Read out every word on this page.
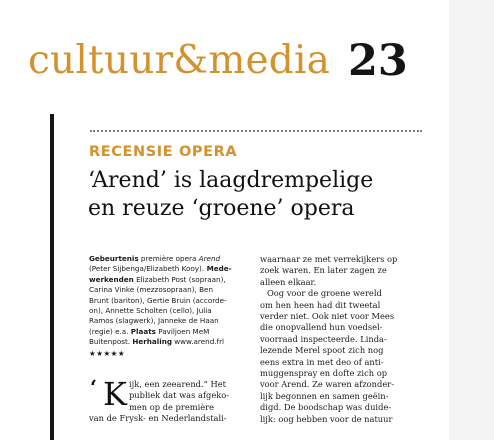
cultuur&media 23
RECENSIE OPERA
‘Arend’ is laagdrempelige
en reuze ‘groene’ opera
Gebeurtenis première opera Arend
(Peter Sijbenga/Elizabeth Kooy). Mede-
werkenden Elizabeth Post (sopraan),
Carina Vinke (mezzosopraan), Ben
Brunt (bariton), Gertie Bruin (accorde-
on), Annette Scholten (cello), Julia
Ramos (slagwerk), Janneke de Haan
(regie) e.a. Plaats Paviljoen MeM
Buitenpost. Herhaling www.arend.frl
★★★★★
‘ K ijk, een zeearend.” Het
publiek dat was afgeko-
men op de première
van de Frysk- en Nederlandstali-
waarnaar ze met verrekijkers op
zoek waren. En later zagen ze
alleen elkaar.
Oog voor de groene wereld
om hen heen had dit tweetal
verder niet. Ook niet voor Mees
die onopvallend hun voedsel-
voorraad inspecteerde. Linda-
lezende Merel spoot zich nog
eens extra in met deo of anti-
muggenspray en dofte zich op
voor Arend. Ze waren afzonder-
lijk begonnen en samen geëin-
digd. De boodschap was duide-
lijk: oog hebben voor de natuur
